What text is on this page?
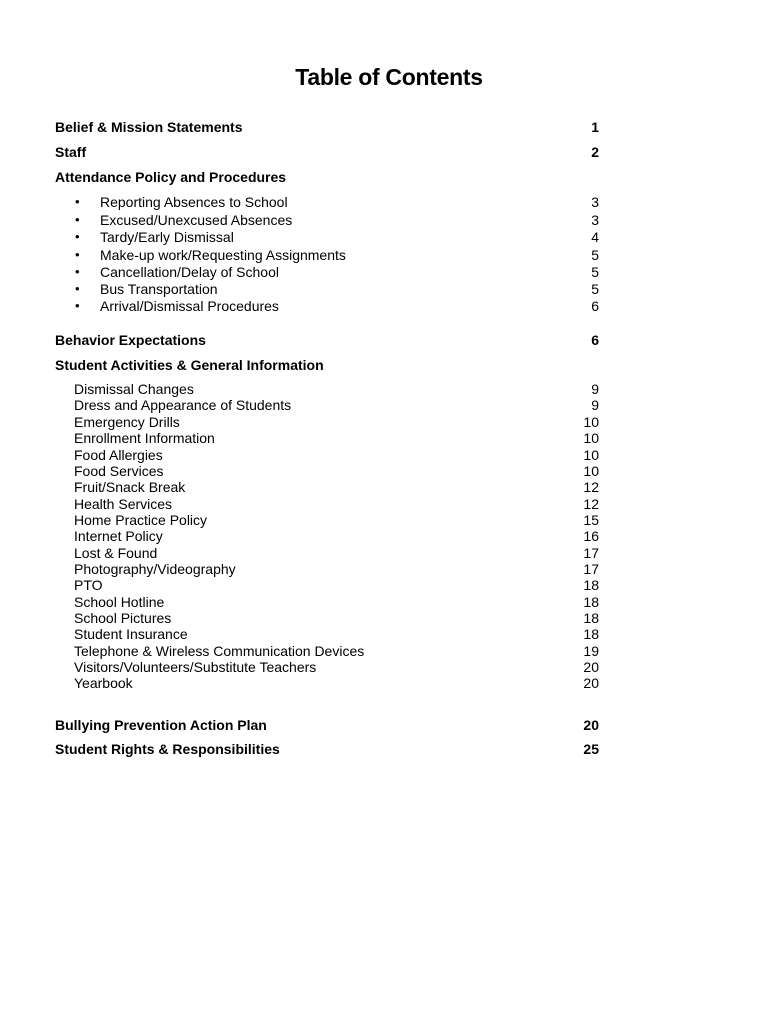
Table of Contents
Belief & Mission Statements	1
Staff	2
Attendance Policy and Procedures
• Reporting Absences to School	3
• Excused/Unexcused Absences	3
• Tardy/Early Dismissal	4
• Make-up work/Requesting Assignments	5
• Cancellation/Delay of School	5
• Bus Transportation	5
• Arrival/Dismissal Procedures	6
Behavior Expectations	6
Student Activities & General Information
Dismissal Changes	9
Dress and Appearance of Students	9
Emergency Drills	10
Enrollment Information	10
Food Allergies	10
Food Services	10
Fruit/Snack Break	12
Health Services	12
Home Practice Policy	15
Internet Policy	16
Lost & Found	17
Photography/Videography	17
PTO	18
School Hotline	18
School Pictures	18
Student Insurance	18
Telephone & Wireless Communication Devices	19
Visitors/Volunteers/Substitute Teachers	20
Yearbook	20
Bullying Prevention Action Plan	20
Student Rights & Responsibilities	25
